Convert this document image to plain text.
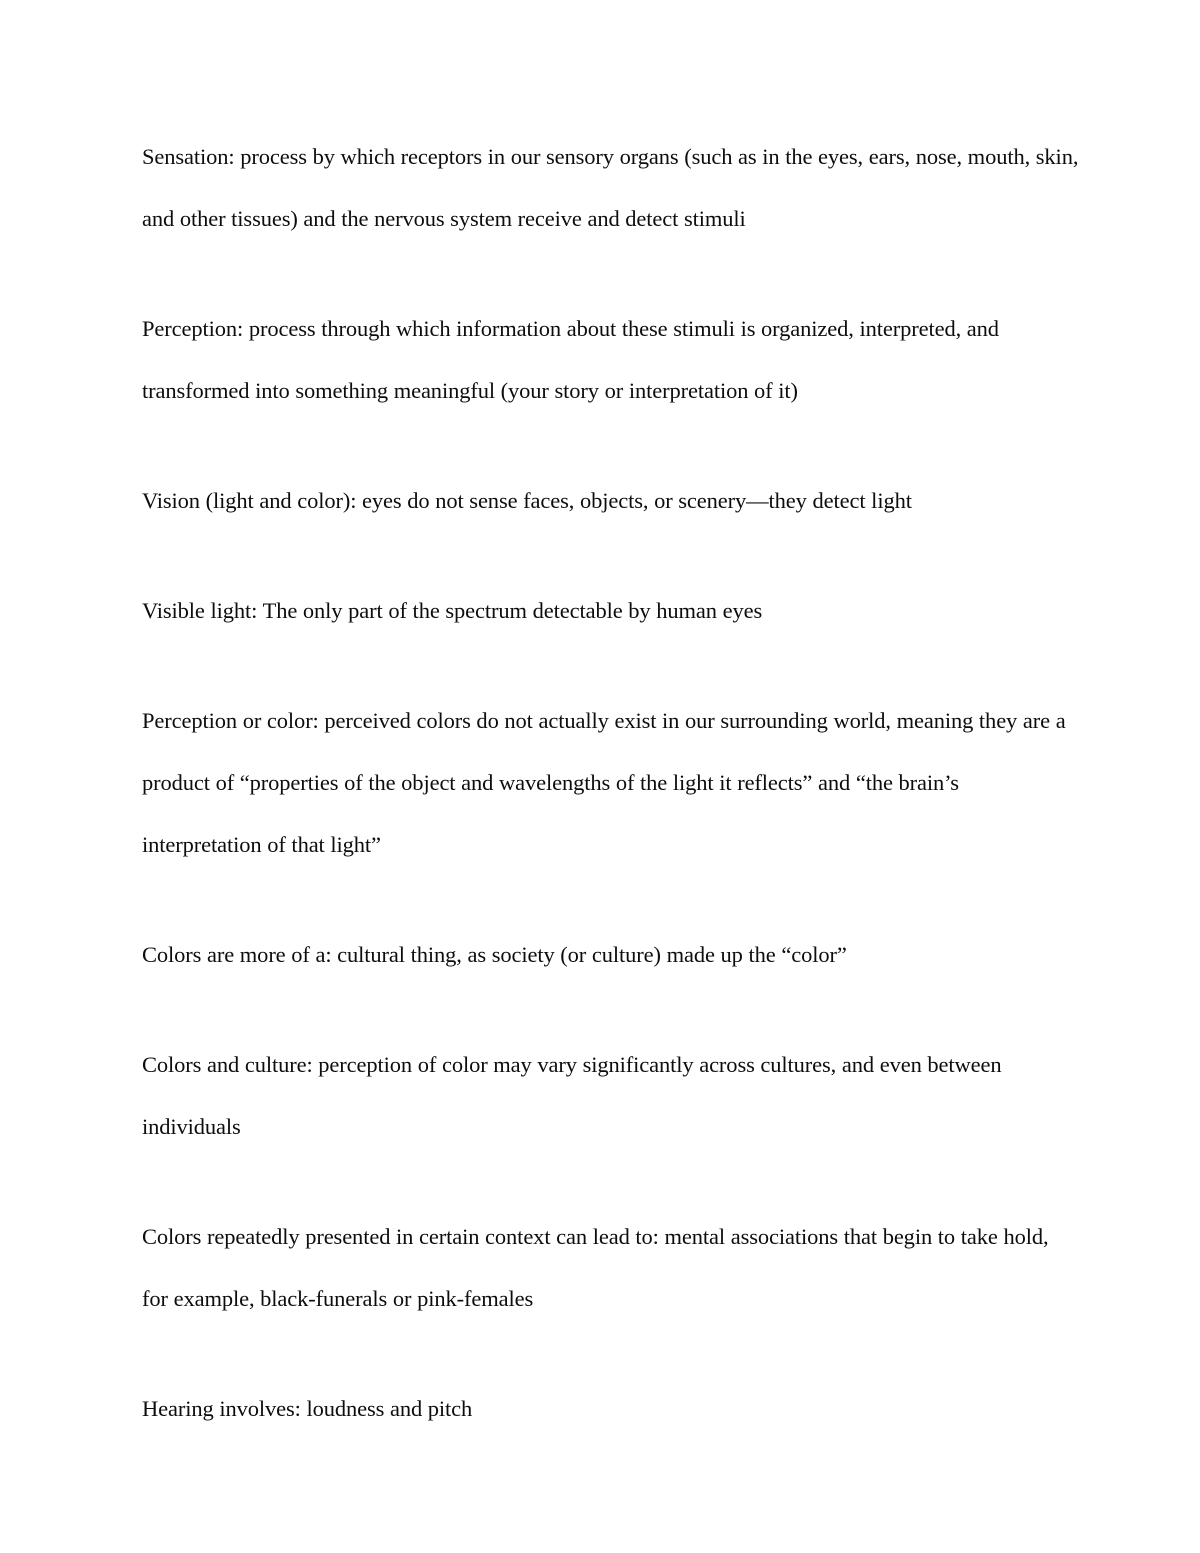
Sensation: process by which receptors in our sensory organs (such as in the eyes, ears, nose, mouth, skin, and other tissues) and the nervous system receive and detect stimuli

Perception: process through which information about these stimuli is organized, interpreted, and transformed into something meaningful (your story or interpretation of it)

Vision (light and color): eyes do not sense faces, objects, or scenery—they detect light

Visible light: The only part of the spectrum detectable by human eyes

Perception or color: perceived colors do not actually exist in our surrounding world, meaning they are a product of “properties of the object and wavelengths of the light it reflects” and “the brain’s interpretation of that light”

Colors are more of a: cultural thing, as society (or culture) made up the “color”

Colors and culture: perception of color may vary significantly across cultures, and even between individuals

Colors repeatedly presented in certain context can lead to: mental associations that begin to take hold, for example, black-funerals or pink-females

Hearing involves: loudness and pitch
